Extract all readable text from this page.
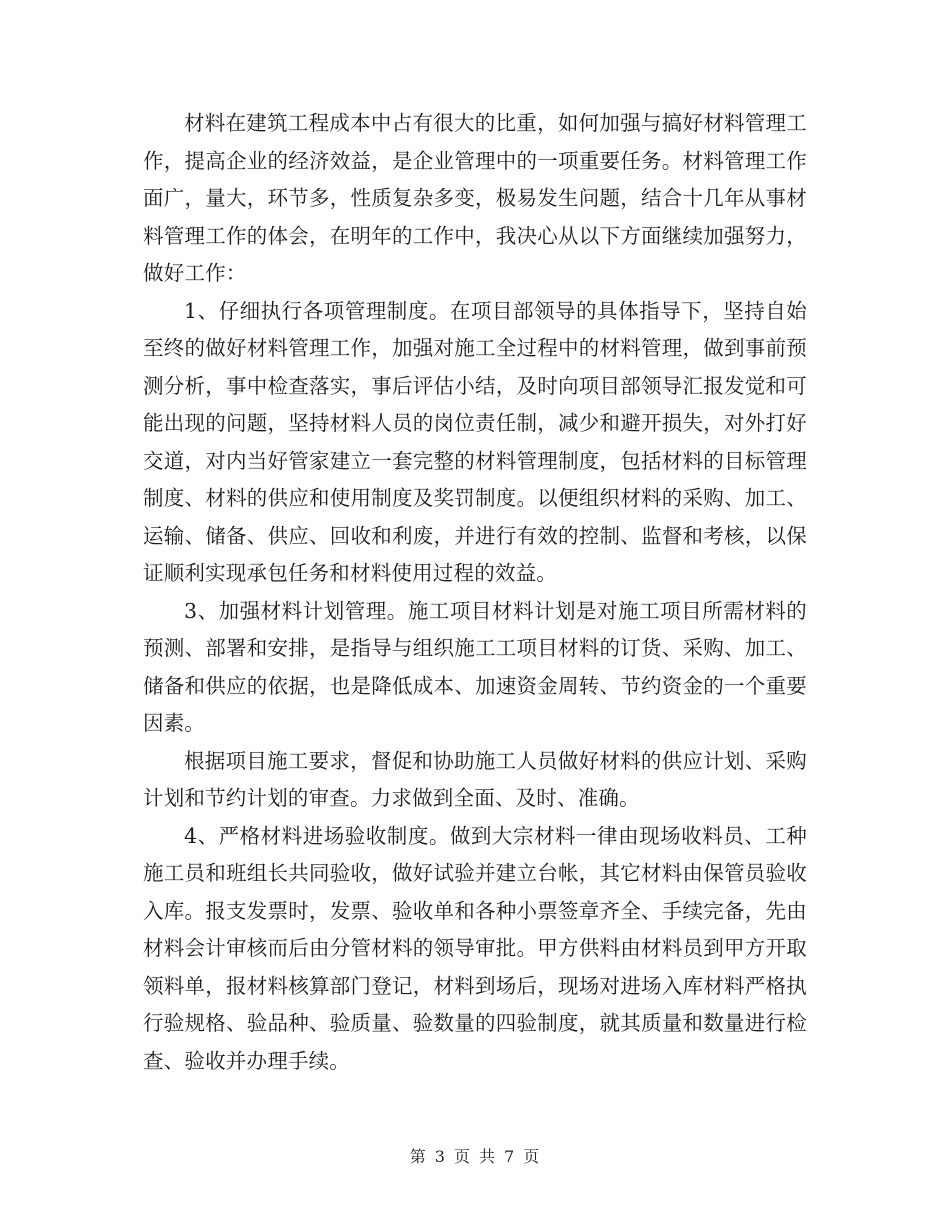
材料在建筑工程成本中占有很大的比重，如何加强与搞好材料管理工作，提高企业的经济效益，是企业管理中的一项重要任务。材料管理工作面广，量大，环节多，性质复杂多变，极易发生问题，结合十几年从事材料管理工作的体会，在明年的工作中，我决心从以下方面继续加强努力，做好工作：

1、仔细执行各项管理制度。在项目部领导的具体指导下，坚持自始至终的做好材料管理工作，加强对施工全过程中的材料管理，做到事前预测分析，事中检查落实，事后评估小结，及时向项目部领导汇报发觉和可能出现的问题，坚持材料人员的岗位责任制，减少和避开损失，对外打好交道，对内当好管家建立一套完整的材料管理制度，包括材料的目标管理制度、材料的供应和使用制度及奖罚制度。以便组织材料的采购、加工、运输、储备、供应、回收和利废，并进行有效的控制、监督和考核，以保证顺利实现承包任务和材料使用过程的效益。

3、加强材料计划管理。施工项目材料计划是对施工项目所需材料的预测、部署和安排，是指导与组织施工工项目材料的订货、采购、加工、储备和供应的依据，也是降低成本、加速资金周转、节约资金的一个重要因素。

根据项目施工要求，督促和协助施工人员做好材料的供应计划、采购计划和节约计划的审查。力求做到全面、及时、准确。

4、严格材料进场验收制度。做到大宗材料一律由现场收料员、工种施工员和班组长共同验收，做好试验并建立台帐，其它材料由保管员验收入库。报支发票时，发票、验收单和各种小票签章齐全、手续完备，先由材料会计审核而后由分管材料的领导审批。甲方供料由材料员到甲方开取领料单，报材料核算部门登记，材料到场后，现场对进场入库材料严格执行验规格、验品种、验质量、验数量的四验制度，就其质量和数量进行检查、验收并办理手续。

第 3 页 共 7 页
